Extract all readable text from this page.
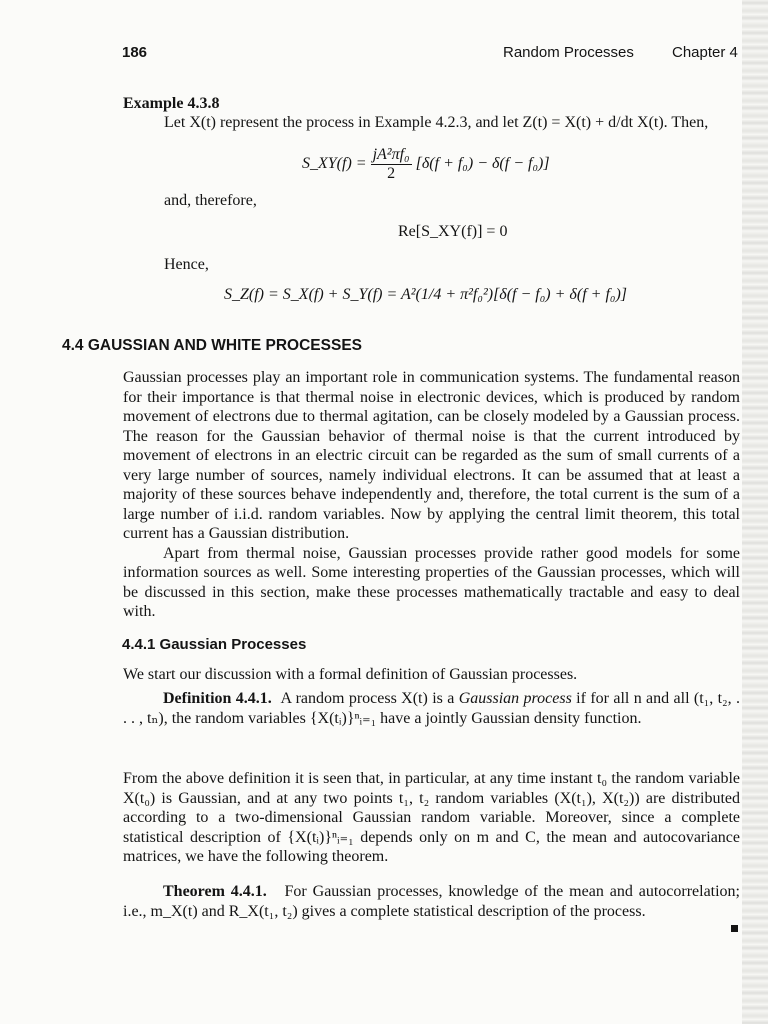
186	Random Processes	Chapter 4
Example 4.3.8
Let X(t) represent the process in Example 4.2.3, and let Z(t) = X(t) + d/dt X(t). Then,
S_XY(f) = $\frac{\text{jA²πf₀}}{2} [\delta(f + f_0) - \delta(f - f_0)]$
and, therefore,
Re[S_XY(f)] = 0
Hence,
S_Z(f) = S_X(f) + S_Y(f) = A²(1/4 + π²f₀²)[δ(f − f₀) + δ(f + f₀)]
4.4 GAUSSIAN AND WHITE PROCESSES

Gaussian processes play an important role in communication systems. The fundamental reason for their importance is that thermal noise in electronic devices, which is produced by random movement of electrons due to thermal agitation, can be closely modeled by a Gaussian process. The reason for the Gaussian behavior of thermal noise is that the current introduced by movement of electrons in an electric circuit can be regarded as the sum of small currents of a very large number of sources, namely individual electrons. It can be assumed that at least a majority of these sources behave independently and, therefore, the total current is the sum of a large number of i.i.d. random variables. Now by applying the central limit theorem, this total current has a Gaussian distribution.

Apart from thermal noise, Gaussian processes provide rather good models for some information sources as well. Some interesting properties of the Gaussian processes, which will be discussed in this section, make these processes mathematically tractable and easy to deal with.

4.4.1 Gaussian Processes
We start our discussion with a formal definition of Gaussian processes.

Definition 4.4.1. A random process X(t) is a Gaussian process if for all n and all (t₁, t₂, . . . , tₙ), the random variables {X(tᵢ)}ⁿᵢ₌₁ have a jointly Gaussian density function.

From the above definition it is seen that, in particular, at any time instant t₀ the random variable X(t₀) is Gaussian, and at any two points t₁, t₂ random variables (X(t₁), X(t₂)) are distributed according to a two-dimensional Gaussian random variable. Moreover, since a complete statistical description of {X(tᵢ)}ⁿᵢ₌₁ depends only on m and C, the mean and autocovariance matrices, we have the following theorem.

Theorem 4.4.1. For Gaussian processes, knowledge of the mean and autocorrelation; i.e., m_X(t) and R_X(t₁, t₂) gives a complete statistical description of the process.
